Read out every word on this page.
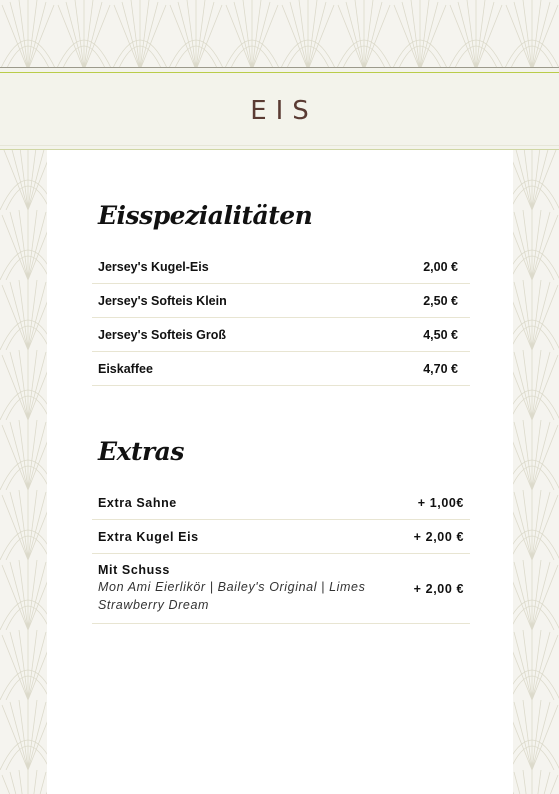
EIS
Eisspezialitäten
Jersey's Kugel-Eis	2,00 €
Jersey's Softeis Klein	2,50 €
Jersey's Softeis Groß	4,50 €
Eiskaffee	4,70 €
Extras
Extra Sahne	+ 1,00€
Extra Kugel Eis	+ 2,00 €
Mit Schuss
Mon Ami Eierlikör | Bailey's Original | Limes Strawberry Dream
+ 2,00 €
